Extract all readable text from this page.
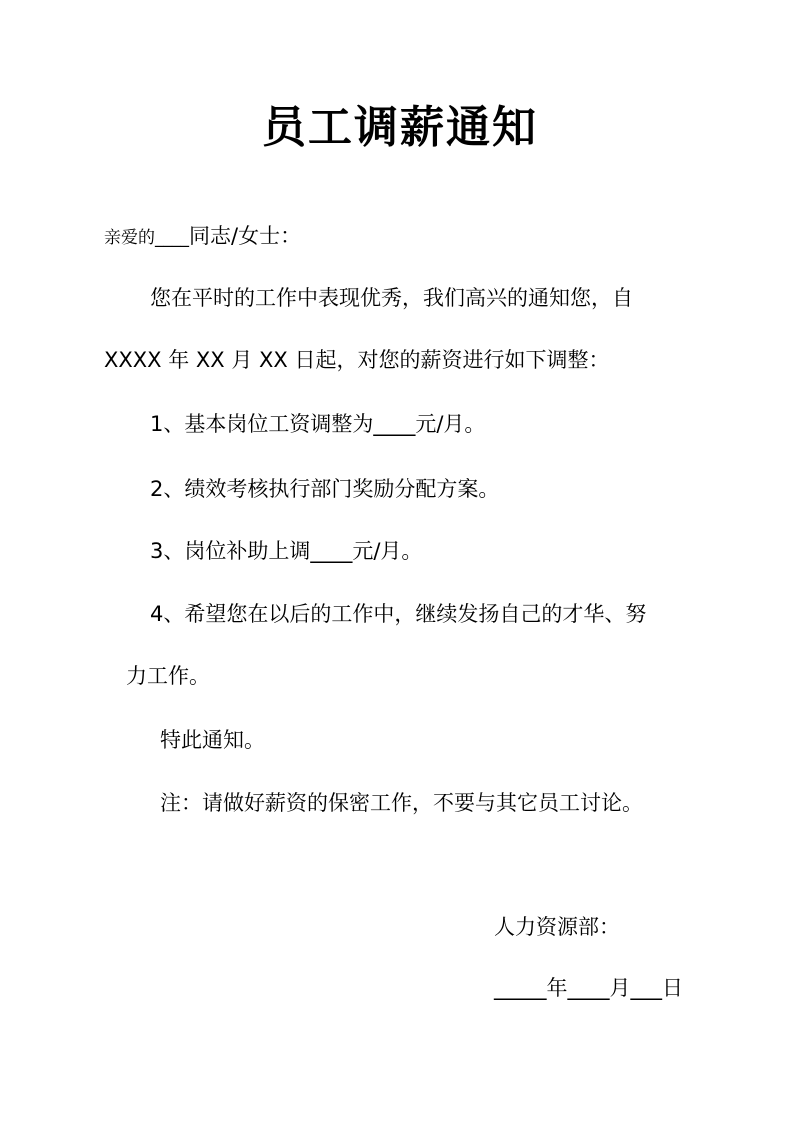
员工调薪通知
亲爱的____同志/女士：
您在平时的工作中表现优秀，我们高兴的通知您，自
XXXX 年 XX 月 XX 日起，对您的薪资进行如下调整：
1、基本岗位工资调整为____元/月。
2、绩效考核执行部门奖励分配方案。
3、岗位补助上调____元/月。
4、希望您在以后的工作中，继续发扬自己的才华、努
力工作。
特此通知。
注：请做好薪资的保密工作，不要与其它员工讨论。
人力资源部：
_____年____月___日
